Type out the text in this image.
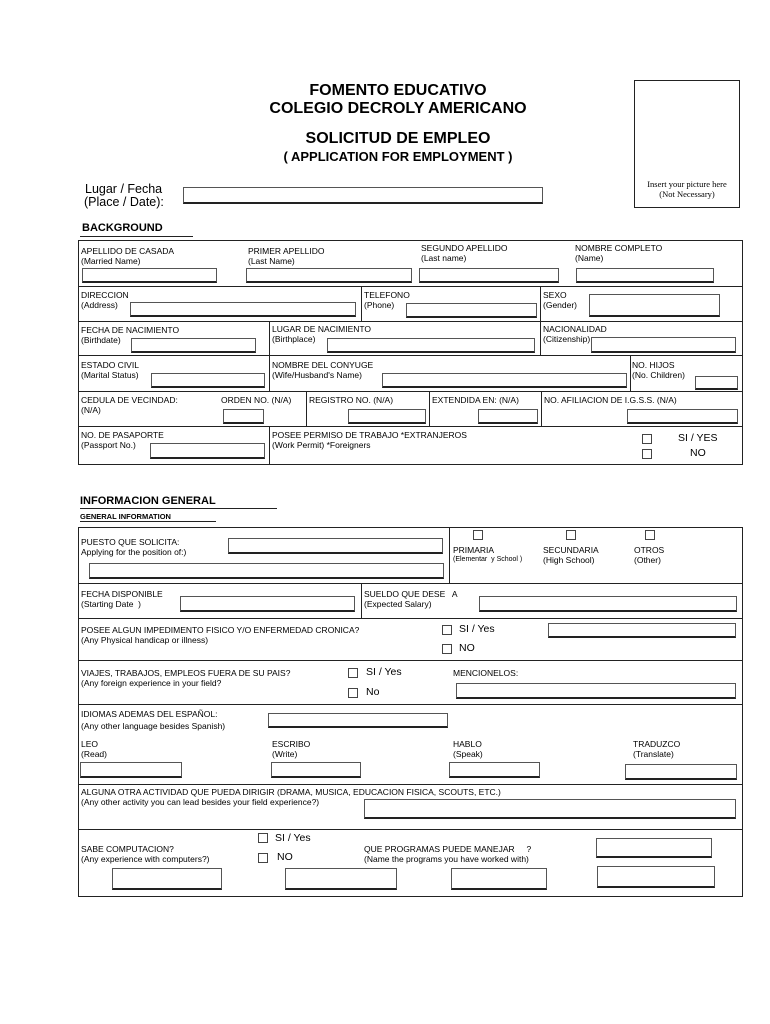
FOMENTO EDUCATIVO
COLEGIO DECROLY AMERICANO
SOLICITUD DE EMPLEO
( APPLICATION FOR EMPLOYMENT )
Insert your picture here
(Not Necessary)
Lugar / Fecha
(Place / Date):
BACKGROUND
APELLIDO DE CASADA
(Married Name)
PRIMER APELLIDO
(Last Name)
SEGUNDO APELLIDO
(Last name)
NOMBRE COMPLETO
(Name)
DIRECCION
(Address)
TELEFONO
(Phone)
SEXO
(Gender)
FECHA DE NACIMIENTO
(Birthdate)
LUGAR DE NACIMIENTO
(Birthplace)
NACIONALIDAD
(Citizenship)
ESTADO CIVIL
(Marital Status)
NOMBRE DEL CONYUGE
(Wife/Husband's Name)
NO. HIJOS
(No. Children)
CEDULA DE VECINDAD:
(N/A)
ORDEN NO. (N/A) REGISTRO NO. (N/A)	EXTENDIDA EN: (N/A)	NO. AFILIACION DE I.G.S.S. (N/A)
NO. DE PASAPORTE
(Passport No.)
POSEE PERMISO DE TRABAJO *EXTRANJEROS
(Work Permit) *Foreigners
SI / YES
NO
INFORMACION GENERAL
GENERAL INFORMATION
PUESTO QUE SOLICITA:
Applying for the position of:)	PRIMARIA
(Elementar  y School )
SECUNDARIA
(High School)
OTROS
(Other)
FECHA DISPONIBLE
(Starting Date  )
SUELDO QUE DESE   A
(Expected Salary)
POSEE ALGUN IMPEDIMENTO FISICO Y/O ENFERMEDAD CRONICA?
(Any Physical handicap or illness)
SI / Yes
NO
VIAJES, TRABAJOS, EMPLEOS FUERA DE SU PAIS?
(Any foreign experience in your field?
SI / Yes
No
MENCIONELOS:
IDIOMAS ADEMAS DEL ESPAÑOL:
(Any other language besides Spanish)
LEO
(Read)
ESCRIBO
(Write)
HABLO
(Speak)
TRADUZCO
(Translate)
ALGUNA OTRA ACTIVIDAD QUE PUEDA DIRIGIR (DRAMA, MUSICA, EDUCACION FISICA, SCOUTS, ETC.)
(Any other activity you can lead besides your field experience?)
SI / Yes
NO
SABE COMPUTACION?
(Any experience with computers?)
QUE PROGRAMAS PUEDE MANEJAR     ?
(Name the programs you have worked with)
